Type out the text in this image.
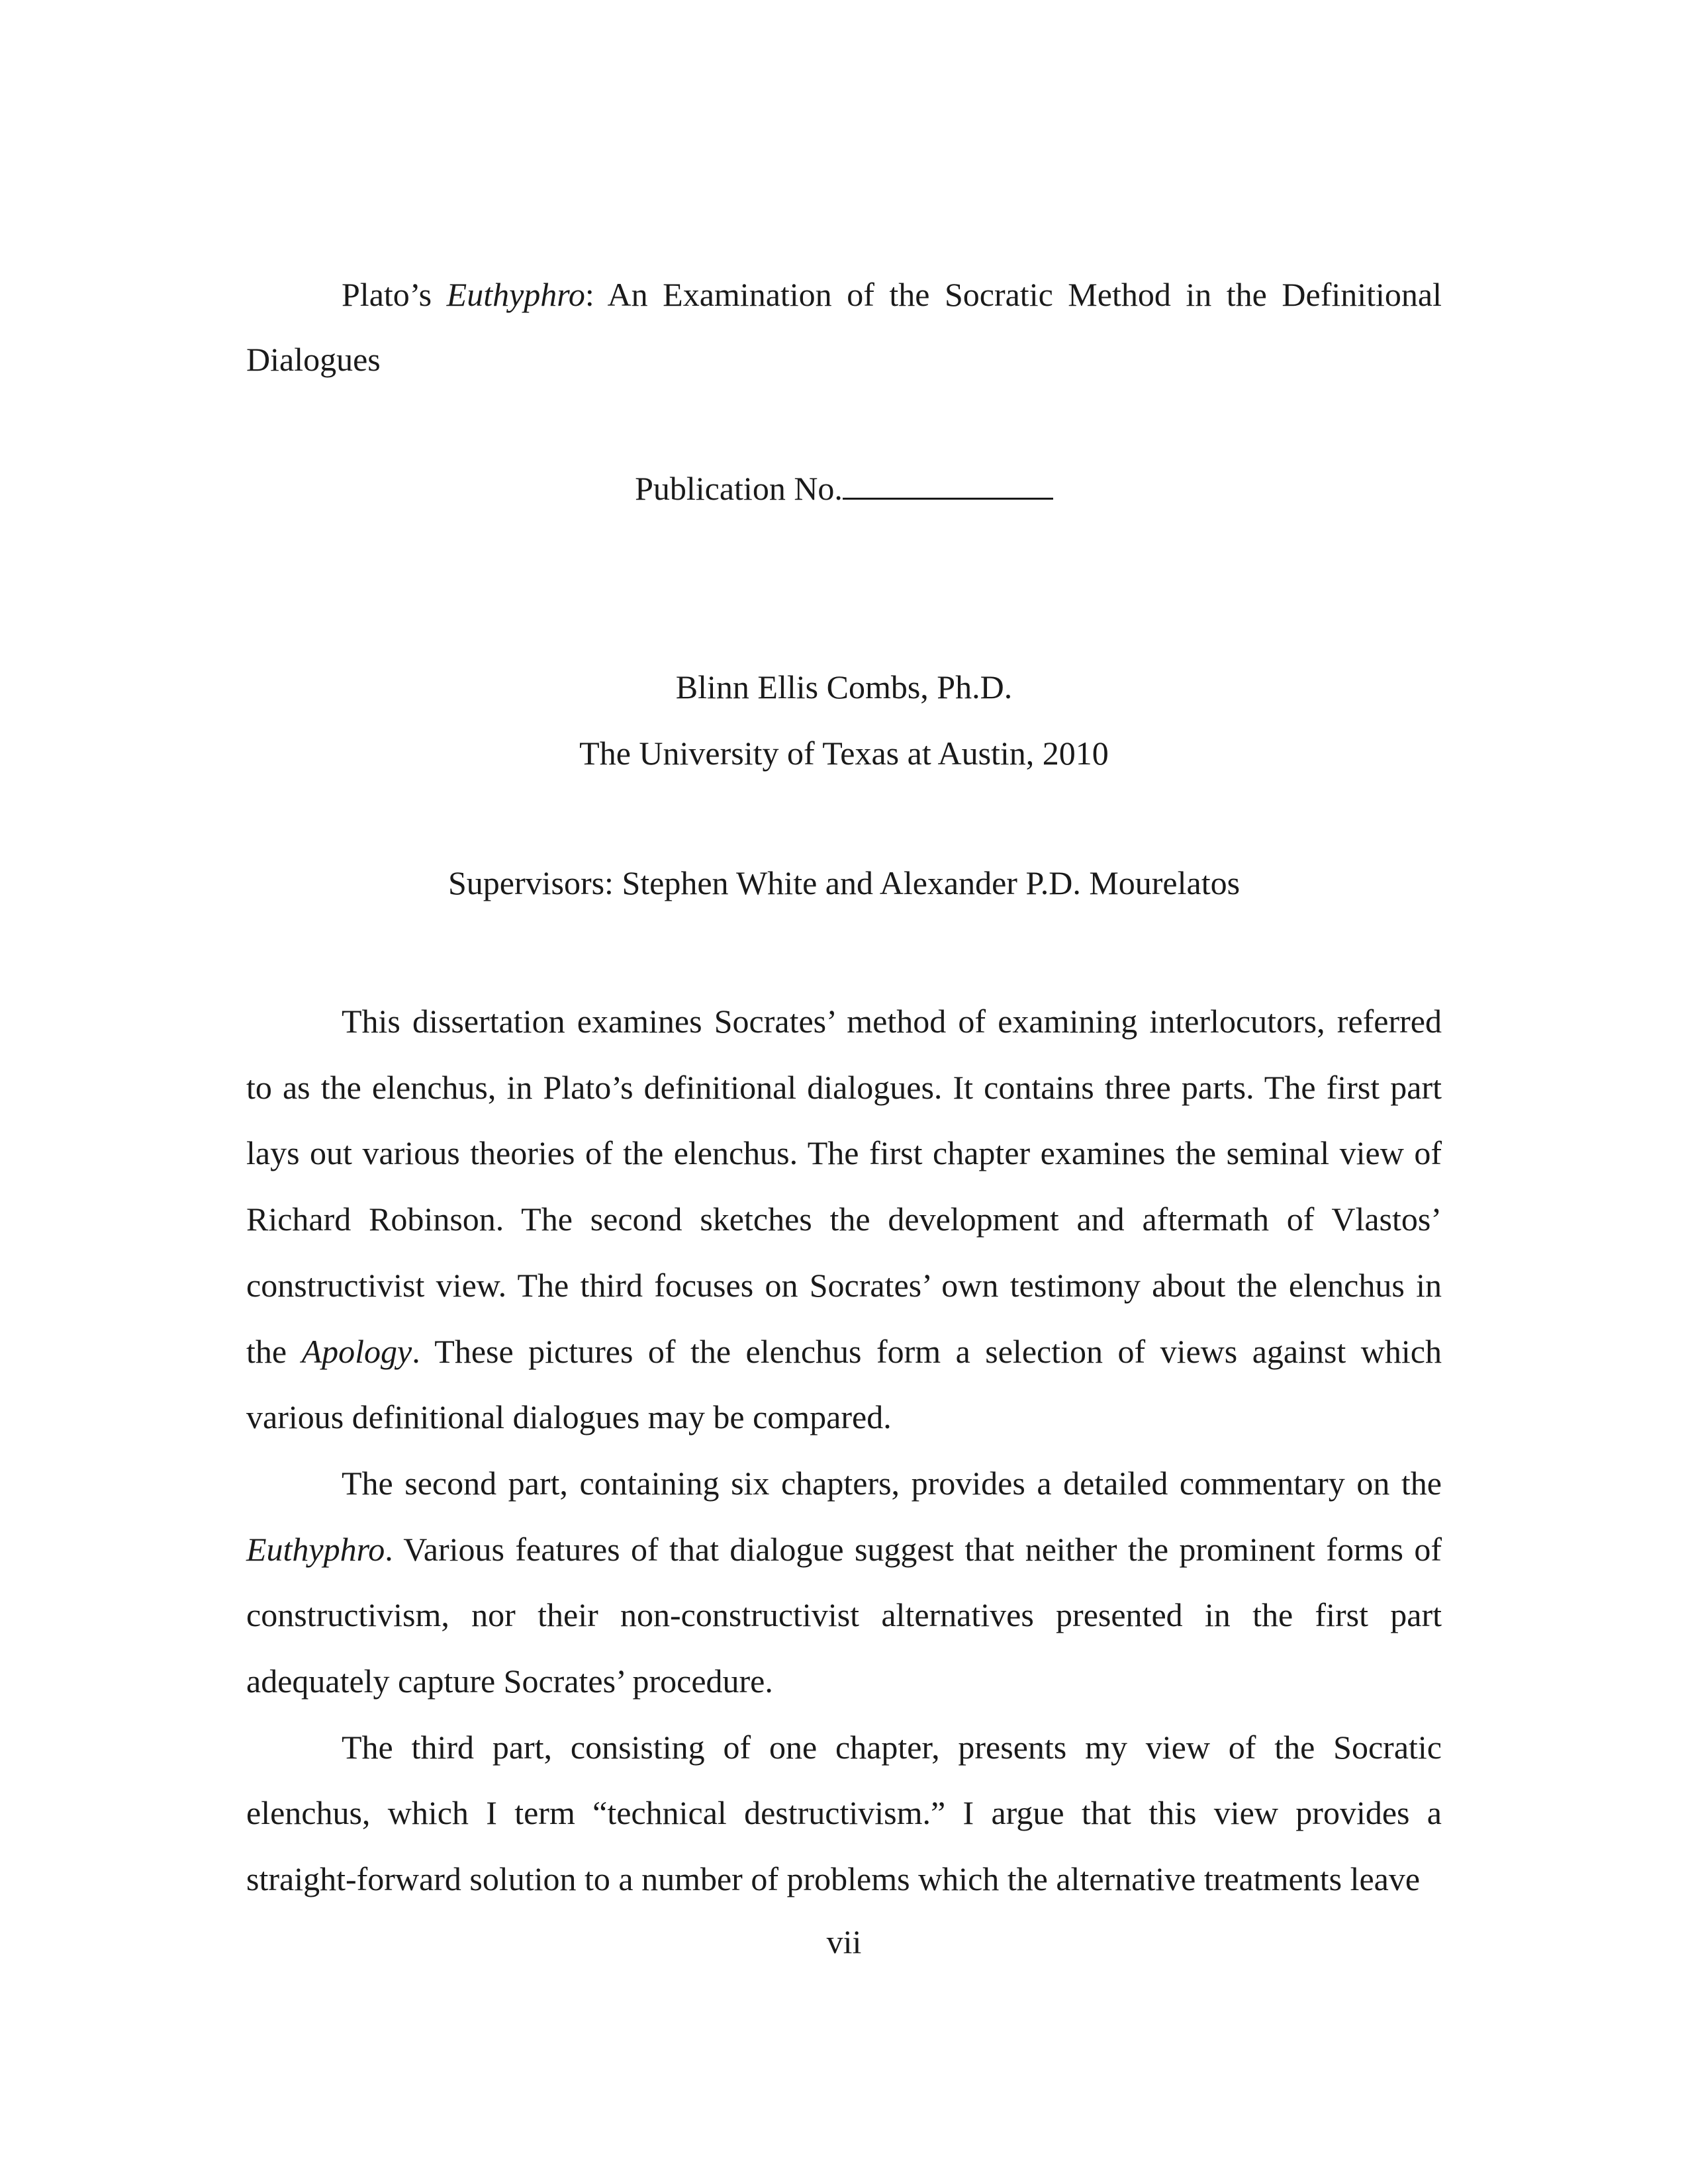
Plato’s Euthyphro: An Examination of the Socratic Method in the Definitional Dialogues
Publication No.
Blinn Ellis Combs, Ph.D.
The University of Texas at Austin, 2010
Supervisors: Stephen White and Alexander P.D. Mourelatos

This dissertation examines Socrates’ method of examining interlocutors, referred to as the elenchus, in Plato’s definitional dialogues. It contains three parts. The first part lays out various theories of the elenchus. The first chapter examines the seminal view of Richard Robinson. The second sketches the development and aftermath of Vlastos’ constructivist view. The third focuses on Socrates’ own testimony about the elenchus in the Apology. These pictures of the elenchus form a selection of views against which various definitional dialogues may be compared.

The second part, containing six chapters, provides a detailed commentary on the Euthyphro. Various features of that dialogue suggest that neither the prominent forms of constructivism, nor their non-constructivist alternatives presented in the first part adequately capture Socrates’ procedure.

The third part, consisting of one chapter, presents my view of the Socratic elenchus, which I term “technical destructivism.” I argue that this view provides a straight-forward solution to a number of problems which the alternative treatments leave

vii
